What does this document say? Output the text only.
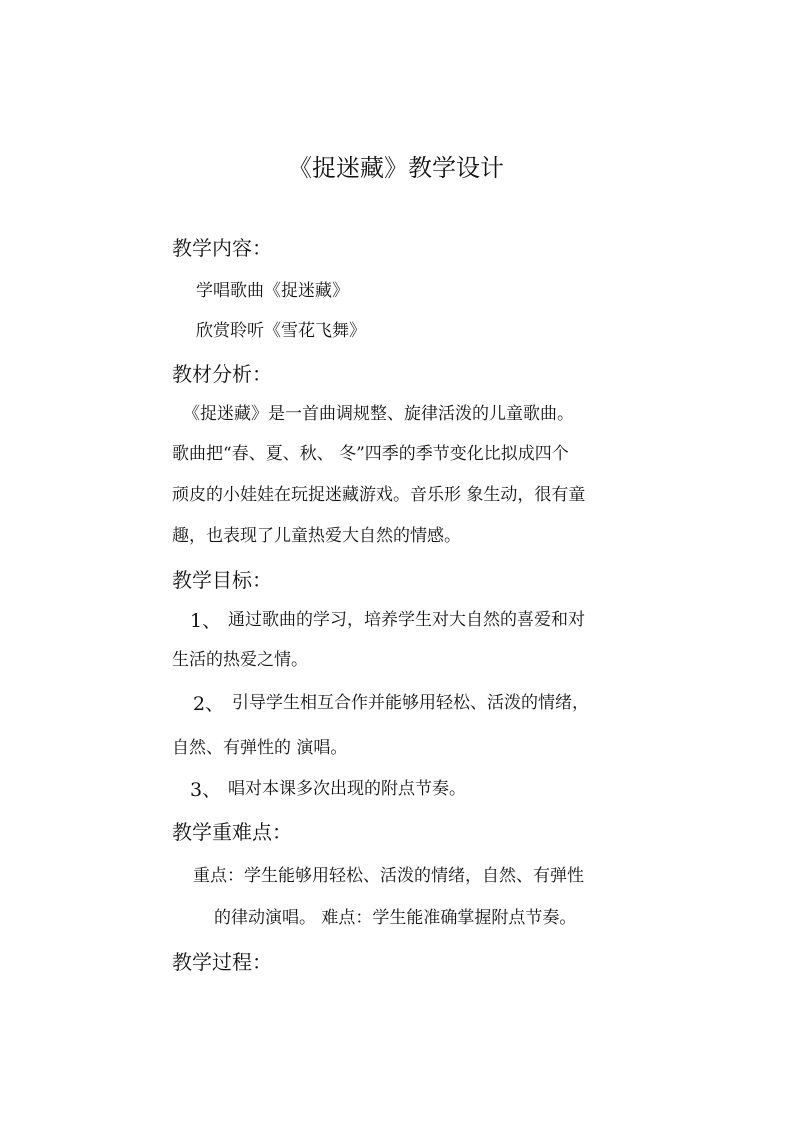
《捉迷藏》教学设计
教学内容：
学唱歌曲《捉迷藏》
欣赏聆听《雪花飞舞》
教材分析：
《捉迷藏》是一首曲调规整、旋律活泼的儿童歌曲。
歌曲把“春、夏、秋、 冬”四季的季节变化比拟成四个
顽皮的小娃娃在玩捉迷藏游戏。音乐形 象生动，很有童
趣，也表现了儿童热爱大自然的情感。
教学目标：
1、 通过歌曲的学习，培养学生对大自然的喜爱和对
生活的热爱之情。
2、 引导学生相互合作并能够用轻松、活泼的情绪，
自然、有弹性的 演唱。
3、 唱对本课多次出现的附点节奏。
教学重难点：
重点：学生能够用轻松、活泼的情绪，自然、有弹性
的律动演唱。 难点：学生能准确掌握附点节奏。
教学过程：
